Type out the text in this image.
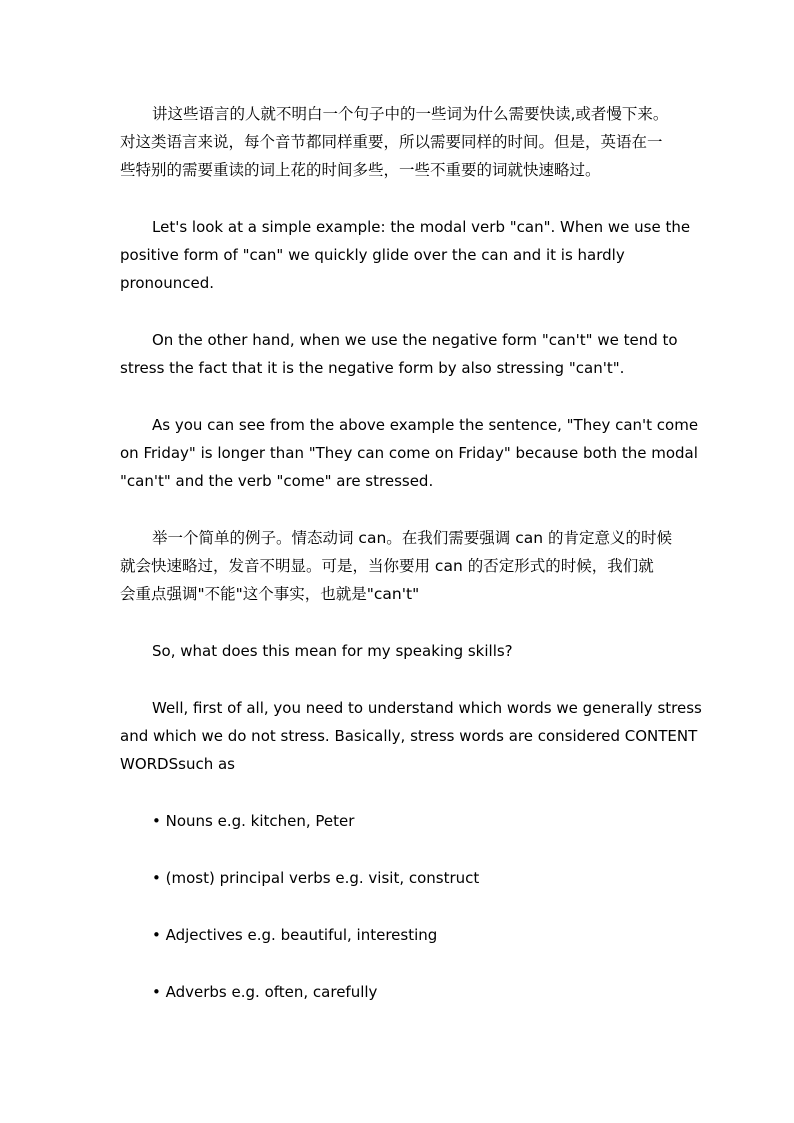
讲这些语言的人就不明白一个句子中的一些词为什么需要快读,或者慢下来。
对这类语言来说，每个音节都同样重要，所以需要同样的时间。但是，英语在一
些特别的需要重读的词上花的时间多些，一些不重要的词就快速略过。

Let's look at a simple example: the modal verb "can". When we use the
positive form of "can" we quickly glide over the can and it is hardly
pronounced.

On the other hand, when we use the negative form "can't" we tend to
stress the fact that it is the negative form by also stressing "can't".

As you can see from the above example the sentence, "They can't come
on Friday" is longer than "They can come on Friday" because both the modal
"can't" and the verb "come" are stressed.

举一个简单的例子。情态动词 can。在我们需要强调 can 的肯定意义的时候
就会快速略过，发音不明显。可是，当你要用 can 的否定形式的时候，我们就
会重点强调"不能"这个事实，也就是"can't"

So, what does this mean for my speaking skills?

Well, first of all, you need to understand which words we generally stress
and which we do not stress. Basically, stress words are considered CONTENT
WORDSsuch as

• Nouns e.g. kitchen, Peter

• (most) principal verbs e.g. visit, construct

• Adjectives e.g. beautiful, interesting

• Adverbs e.g. often, carefully
